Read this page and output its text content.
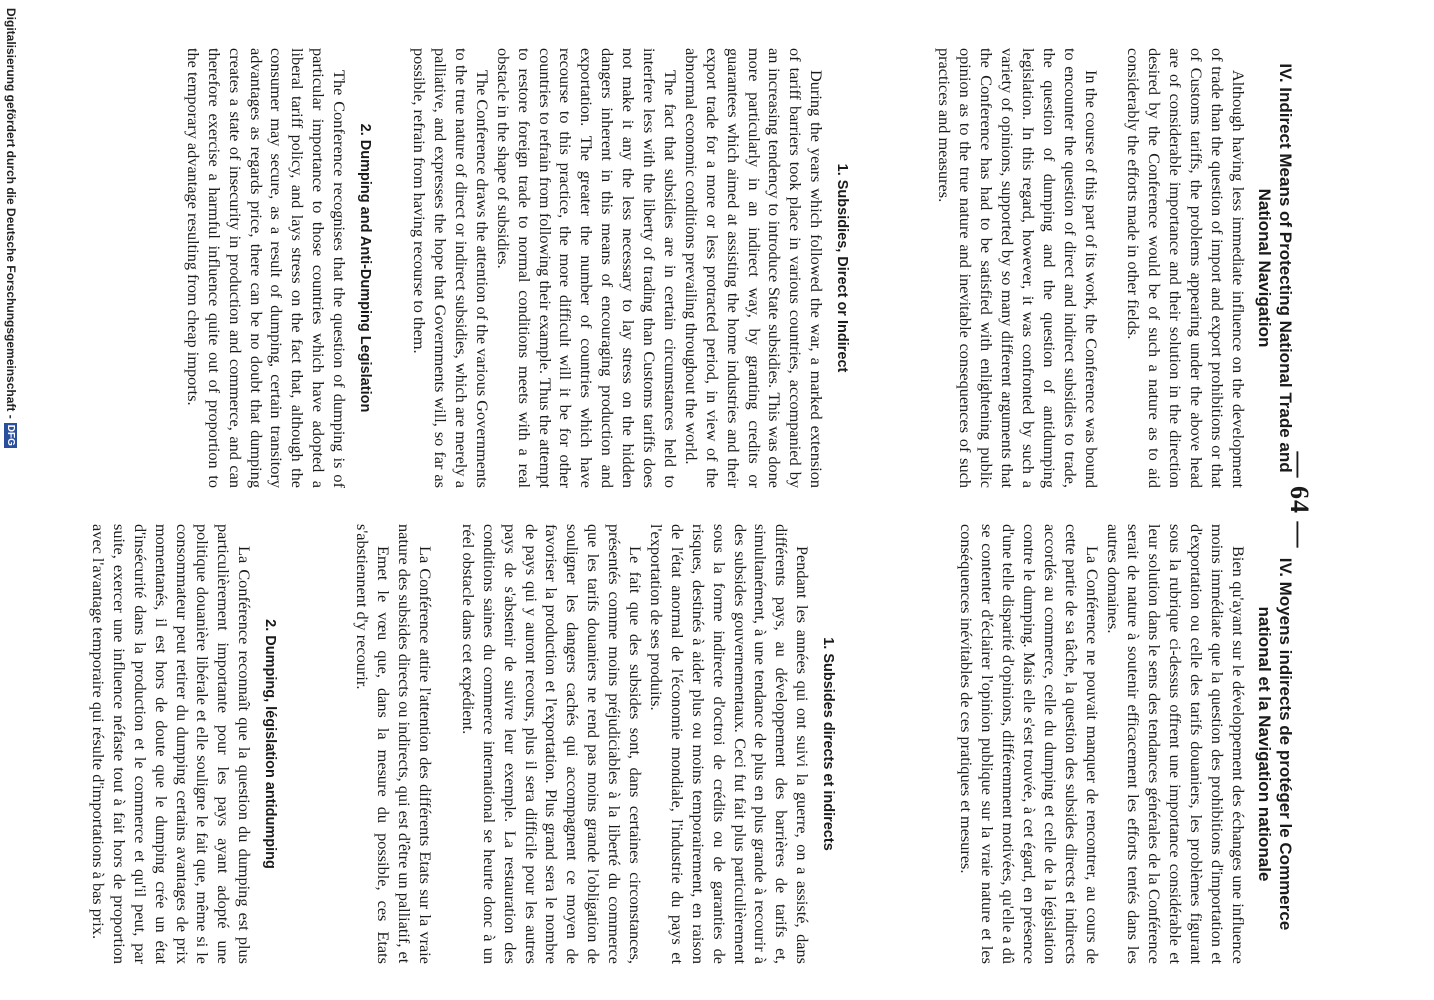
— 64 —
IV. Indirect Means of Protecting National Trade and National Navigation

Although having less immediate influence on the development of trade than the question of import and export prohibitions or that of Customs tariffs, the problems appearing under the above head are of considerable importance and their solution in the direction desired by the Conference would be of such a nature as to aid considerably the efforts made in other fields.

In the course of this part of its work, the Conference was bound to encounter the question of direct and indirect subsidies to trade, the question of dumping and the question of antidumping legislation. In this regard, however, it was confronted by such a variety of opinions, supported by so many different arguments that the Conference has had to be satisfied with enlightening public opinion as to the true nature and inevitable consequences of such practices and measures.

1. Subsidies, Direct or Indirect

During the years which followed the war, a marked extension of tariff barriers took place in various countries, accompanied by an increasing tendency to introduce State subsidies. This was done more particularly in an indirect way, by granting credits or guarantees which aimed at assisting the home industries and their export trade for a more or less protracted period, in view of the abnormal economic conditions prevailing throughout the world.

The fact that subsidies are in certain circumstances held to interfere less with the liberty of trading than Customs tariffs does not make it any the less necessary to lay stress on the hidden dangers inherent in this means of encouraging production and exportation. The greater the number of countries which have recourse to this practice, the more difficult will it be for other countries to refrain from following their example. Thus the attempt to restore foreign trade to normal conditions meets with a real obstacle in the shape of subsidies.

The Conference draws the attention of the various Governments to the true nature of direct or indirect subsidies, which are merely a palliative, and expresses the hope that Governments will, so far as possible, refrain from having recourse to them.

2. Dumping and Anti-Dumping Legislation

The Conference recognises that the question of dumping is of particular importance to those countries which have adopted a liberal tariff policy, and lays stress on the fact that, although the consumer may secure, as a result of dumping, certain transitory advantages as regards price, there can be no doubt that dumping creates a state of insecurity in production and commerce, and can therefore exercise a harmful influence quite out of proportion to the temporary advantage resulting from cheap imports.

IV. Moyens indirects de protéger le Commerce national et la Navigation nationale

Bien qu'ayant sur le développement des échanges une influence moins immédiate que la question des prohibitions d'importation et d'exportation ou celle des tarifs douaniers, les problèmes figurant sous la rubrique ci-dessus offrent une importance considérable et leur solution dans le sens des tendances générales de la Conférence serait de nature à soutenir efficacement les efforts tentés dans les autres domaines.

La Conférence ne pouvait manquer de rencontrer, au cours de cette partie de sa tâche, la question des subsides directs et indirects accordés au commerce, celle du dumping et celle de la législation contre le dumping. Mais elle s'est trouvée, à cet égard, en présence d'une telle disparité d'opinions, différemment motivées, qu'elle a dû se contenter d'éclairer l'opinion publique sur la vraie nature et les conséquences inévitables de ces pratiques et mesures.

1. Subsides directs et indirects

Pendant les années qui ont suivi la guerre, on a assisté, dans différents pays, au développement des barrières de tarifs et, simultanément, à une tendance de plus en plus grande à recourir à des subsides gouvernementaux. Ceci fut fait plus particulièrement sous la forme indirecte d'octroi de crédits ou de garanties de risques, destinés à aider plus ou moins temporairement, en raison de l'état anormal de l'économie mondiale, l'industrie du pays et l'exportation de ses produits.

Le fait que des subsides sont, dans certaines circonstances, présentés comme moins préjudiciables à la liberté du commerce que les tarifs douaniers ne rend pas moins grande l'obligation de souligner les dangers cachés qui accompagnent ce moyen de favoriser la production et l'exportation. Plus grand sera le nombre de pays qui y auront recours, plus il sera difficile pour les autres pays de s'abstenir de suivre leur exemple. La restauration des conditions saines du commerce international se heurte donc à un réel obstacle dans cet expédient.

La Conférence attire l'attention des différents Etats sur la vraie nature des subsides directs ou indirects, qui est d'être un palliatif, et

Emet le vœu que, dans la mesure du possible, ces Etats s'abstiennent d'y recourir.

2. Dumping, législation antidumping

La Conférence reconnaît que la question du dumping est plus particulièrement importante pour les pays ayant adopté une politique douanière libérale et elle souligne le fait que, même si le consommateur peut retirer du dumping certains avantages de prix momentanés, il est hors de doute que le dumping crée un état d'insécurité dans la production et le commerce et qu'il peut, par suite, exercer une influence néfaste tout à fait hors de proportion avec l'avantage temporaire qui résulte d'importations à bas prix.

Digitalisierung gefördert durch die Deutsche Forschungsgemeinschaft -DFG
